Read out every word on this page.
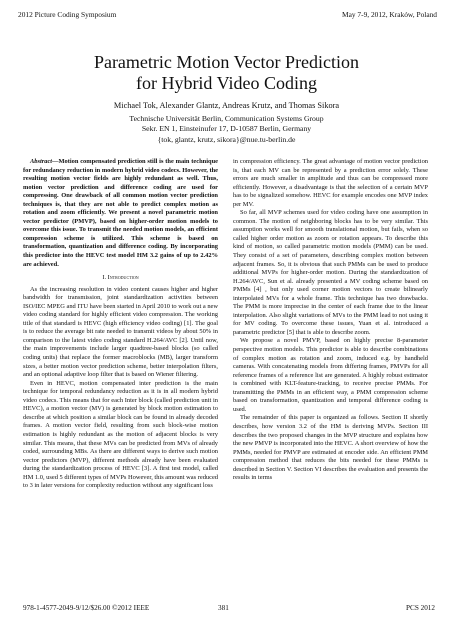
2012 Picture Coding Symposium	May 7-9, 2012, Kraków, Poland
Parametric Motion Vector Prediction
for Hybrid Video Coding
Michael Tok, Alexander Glantz, Andreas Krutz, and Thomas Sikora
Technische Universität Berlin, Communication Systems Group
Sekr. EN 1, Einsteinufer 17, D-10587 Berlin, Germany
{tok, glantz, krutz, sikora}@nue.tu-berlin.de

Abstract—Motion compensated prediction still is the main technique for redundancy reduction in modern hybrid video codecs. However, the resulting motion vector fields are highly redundant as well. Thus, motion vector prediction and difference coding are used for compressing. One drawback of all common motion vector prediction techniques is, that they are not able to predict complex motion as rotation and zoom efficiently. We present a novel parametric motion vector predictor (PMVP), based on higher-order motion models to overcome this issue. To transmit the needed motion models, an efficient compression scheme is utilized. This scheme is based on transformation, quantization and difference coding. By incorporating this predictor into the HEVC test model HM 3.2 gains of up to 2.42% are achieved.

I. Introduction

As the increasing resolution in video content causes higher and higher bandwidth for transmission, joint standardization activities between ISO/IEC MPEG and ITU have been started in April 2010 to work out a new video coding standard for highly efficient video compression. The working title of that standard is HEVC (high efficiency video coding) [1]. The goal is to reduce the average bit rate needed to transmit videos by about 50% in comparison to the latest video coding standard H.264/AVC [2]. Until now, the main improvements include larger quadtree-based blocks (so called coding units) that replace the former macroblocks (MB), larger transform sizes, a better motion vector prediction scheme, better interpolation filters, and an optional adaptive loop filter that is based on Wiener filtering.

Even in HEVC, motion compensated inter prediction is the main technique for temporal redundancy reduction as it is in all modern hybrid video codecs. This means that for each Inter block (called prediction unit in HEVC), a motion vector (MV) is generated by block motion estimation to describe at which position a similar block can be found in already decoded frames. A motion vector field, resulting from such block-wise motion estimation is highly redundant as the motion of adjacent blocks is very similar. This means, that these MVs can be predicted from MVs of already coded, surrounding MBs. As there are different ways to derive such motion vector predictors (MVP), different methods already have been evaluated during the standardization process of HEVC [3]. A first test model, called HM 1.0, used 5 different types of MVPs However, this amount was reduced to 3 in later versions for complexity reduction without any significant loss

in compression efficiency. The great advantage of motion vector prediction is, that each MV can be represented by a prediction error solely. These errors are much smaller in amplitude and thus can be compressed more efficiently. However, a disadvantage is that the selection of a certain MVP has to be signalized somehow. HEVC for example encodes one MVP index per MV.

So far, all MVP schemes used for video coding have one assumption in common. The motion of neighboring blocks has to be very similar. This assumption works well for smooth translational motion, but fails, when so called higher order motion as zoom or rotation appears. To describe this kind of motion, so called parametric motion models (PMM) can be used. They consist of a set of parameters, describing complex motion between adjacent frames. So, it is obvious that such PMMs can be used to produce additional MVPs for higher-order motion. During the standardization of H.264/AVC, Sun et al. already presented a MV coding scheme based on PMMs [4] , but only used corner motion vectors to create bilinearly interpolated MVs for a whole frame. This technique has two drawbacks. The PMM is more imprecise in the center of each frame due to the linear interpolation. Also slight variations of MVs to the PMM lead to not using it for MV coding. To overcome these issues, Yuan et al. introduced a parametric predictor [5] that is able to describe zoom.

We propose a novel PMVP, based on highly precise 8-parameter perspective motion models. This predictor is able to describe combinations of complex motion as rotation and zoom, induced e.g. by handheld cameras. With concatenating models from differing frames, PMVPs for all reference frames of a reference list are generated. A highly robust estimator is combined with KLT-feature-tracking, to receive precise PMMs. For transmitting the PMMs in an efficient way, a PMM compression scheme based on transformation, quantization and temporal difference coding is used.

The remainder of this paper is organized as follows. Section II shortly describes, how version 3.2 of the HM is deriving MVPs. Section III describes the two proposed changes in the MVP structure and explains how the new PMVP is incorporated into the HEVC. A short overview of how the PMMs, needed for PMVP are estimated at encoder side. An efficient PMM compression method that reduces the bits needed for these PMMs is described in Section V. Section VI describes the evaluation and presents the results in terms

978-1-4577-2049-9/12/$26.00 ©2012 IEEE	381	PCS 2012
